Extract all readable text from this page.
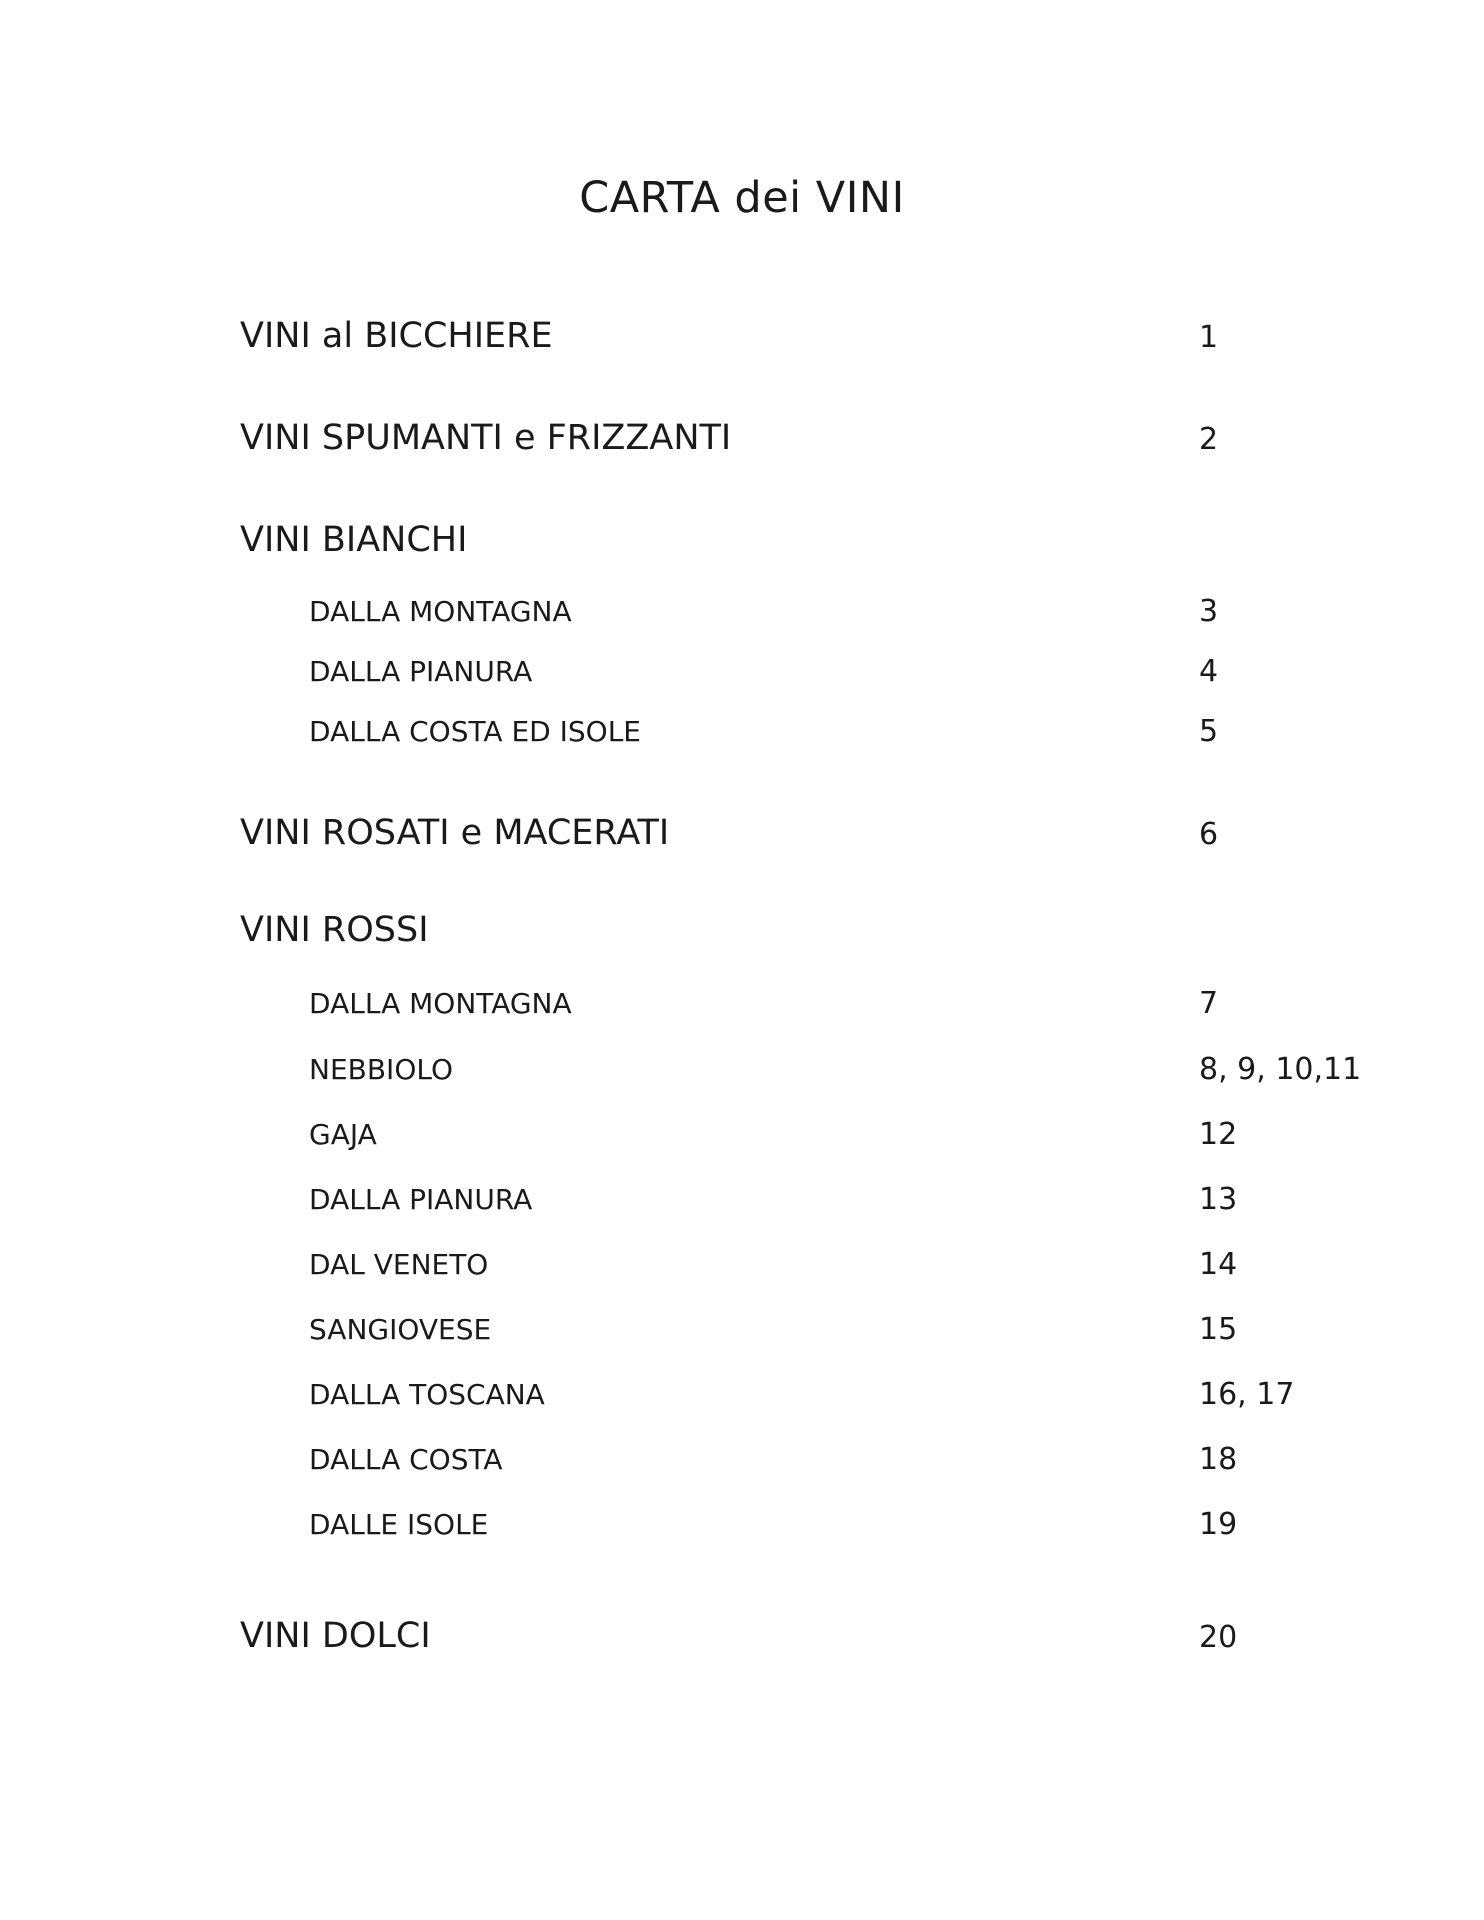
CARTA dei VINI
VINI al BICCHIERE	1
VINI SPUMANTI e FRIZZANTI	2
VINI BIANCHI
DALLA MONTAGNA	3
DALLA PIANURA	4
DALLA COSTA ED ISOLE	5
VINI ROSATI e MACERATI	6
VINI ROSSI
DALLA MONTAGNA	7
NEBBIOLO	8, 9, 10,11
GAJA	12
DALLA PIANURA	13
DAL VENETO	14
SANGIOVESE	15
DALLA TOSCANA	16, 17
DALLA COSTA	18
DALLE ISOLE	19
VINI DOLCI	20
